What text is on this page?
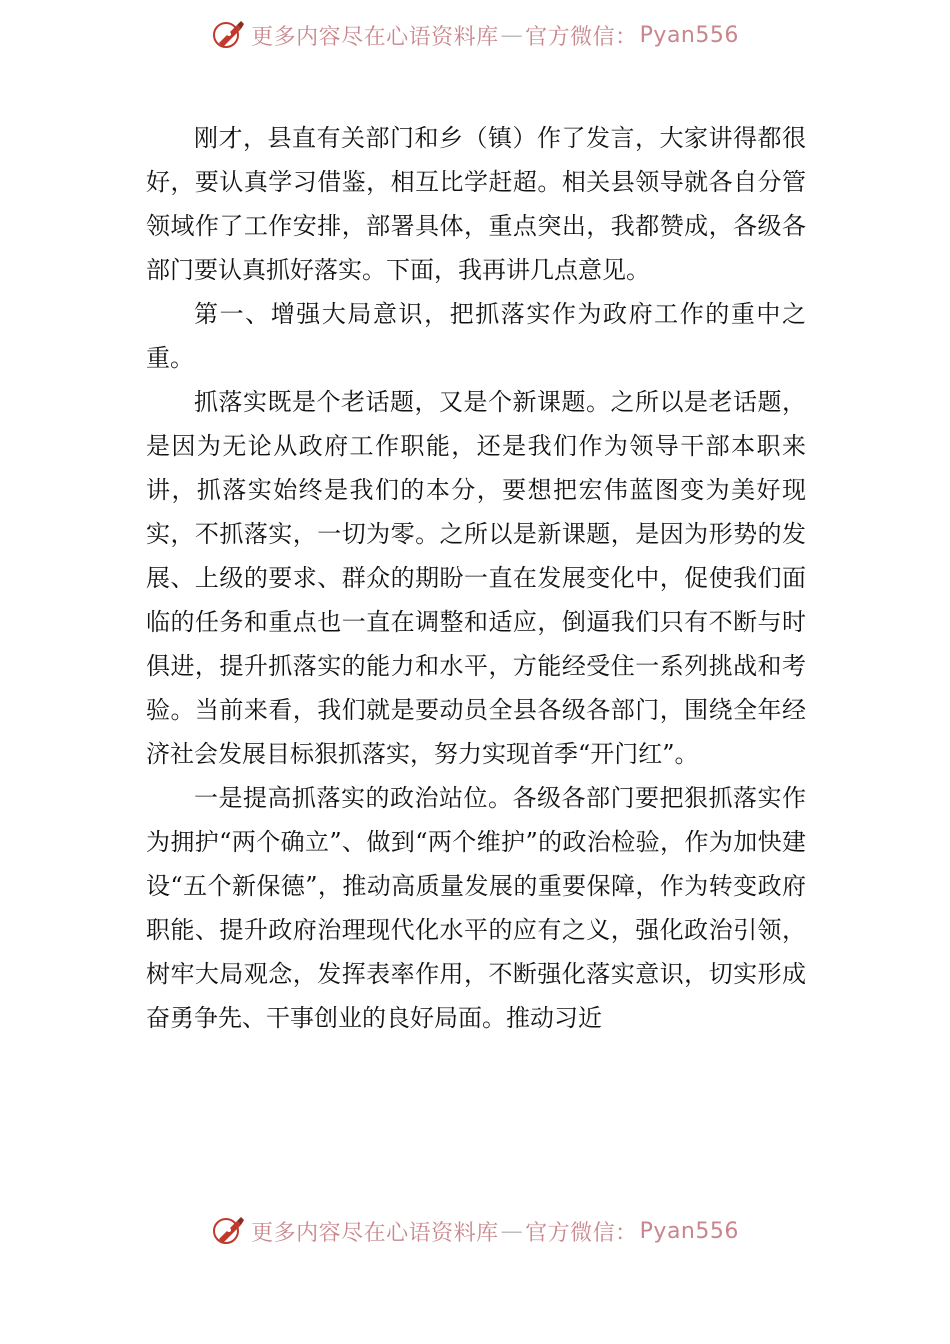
更多内容尽在心语资料库 — 官方微信： Pyan556

刚才，县直有关部门和乡（镇）作了发言，大家讲得都很好，要认真学习借鉴，相互比学赶超。相关县领导就各自分管领域作了工作安排，部署具体，重点突出，我都赞成，各级各部门要认真抓好落实。下面，我再讲几点意见。

第一、增强大局意识，把抓落实作为政府工作的重中之重。

抓落实既是个老话题，又是个新课题。之所以是老话题，是因为无论从政府工作职能，还是我们作为领导干部本职来讲，抓落实始终是我们的本分，要想把宏伟蓝图变为美好现实，不抓落实，一切为零。之所以是新课题，是因为形势的发展、上级的要求、群众的期盼一直在发展变化中，促使我们面临的任务和重点也一直在调整和适应，倒逼我们只有不断与时俱进，提升抓落实的能力和水平，方能经受住一系列挑战和考验。当前来看，我们就是要动员全县各级各部门，围绕全年经济社会发展目标狠抓落实，努力实现首季“开门红”。

一是提高抓落实的政治站位。各级各部门要把狠抓落实作为拥护“两个确立”、做到“两个维护”的政治检验，作为加快建设“五个新保德”，推动高质量发展的重要保障，作为转变政府职能、提升政府治理现代化水平的应有之义，强化政治引领，树牢大局观念，发挥表率作用，不断强化落实意识，切实形成奋勇争先、干事创业的良好局面。推动习近

更多内容尽在心语资料库 — 官方微信： Pyan556
